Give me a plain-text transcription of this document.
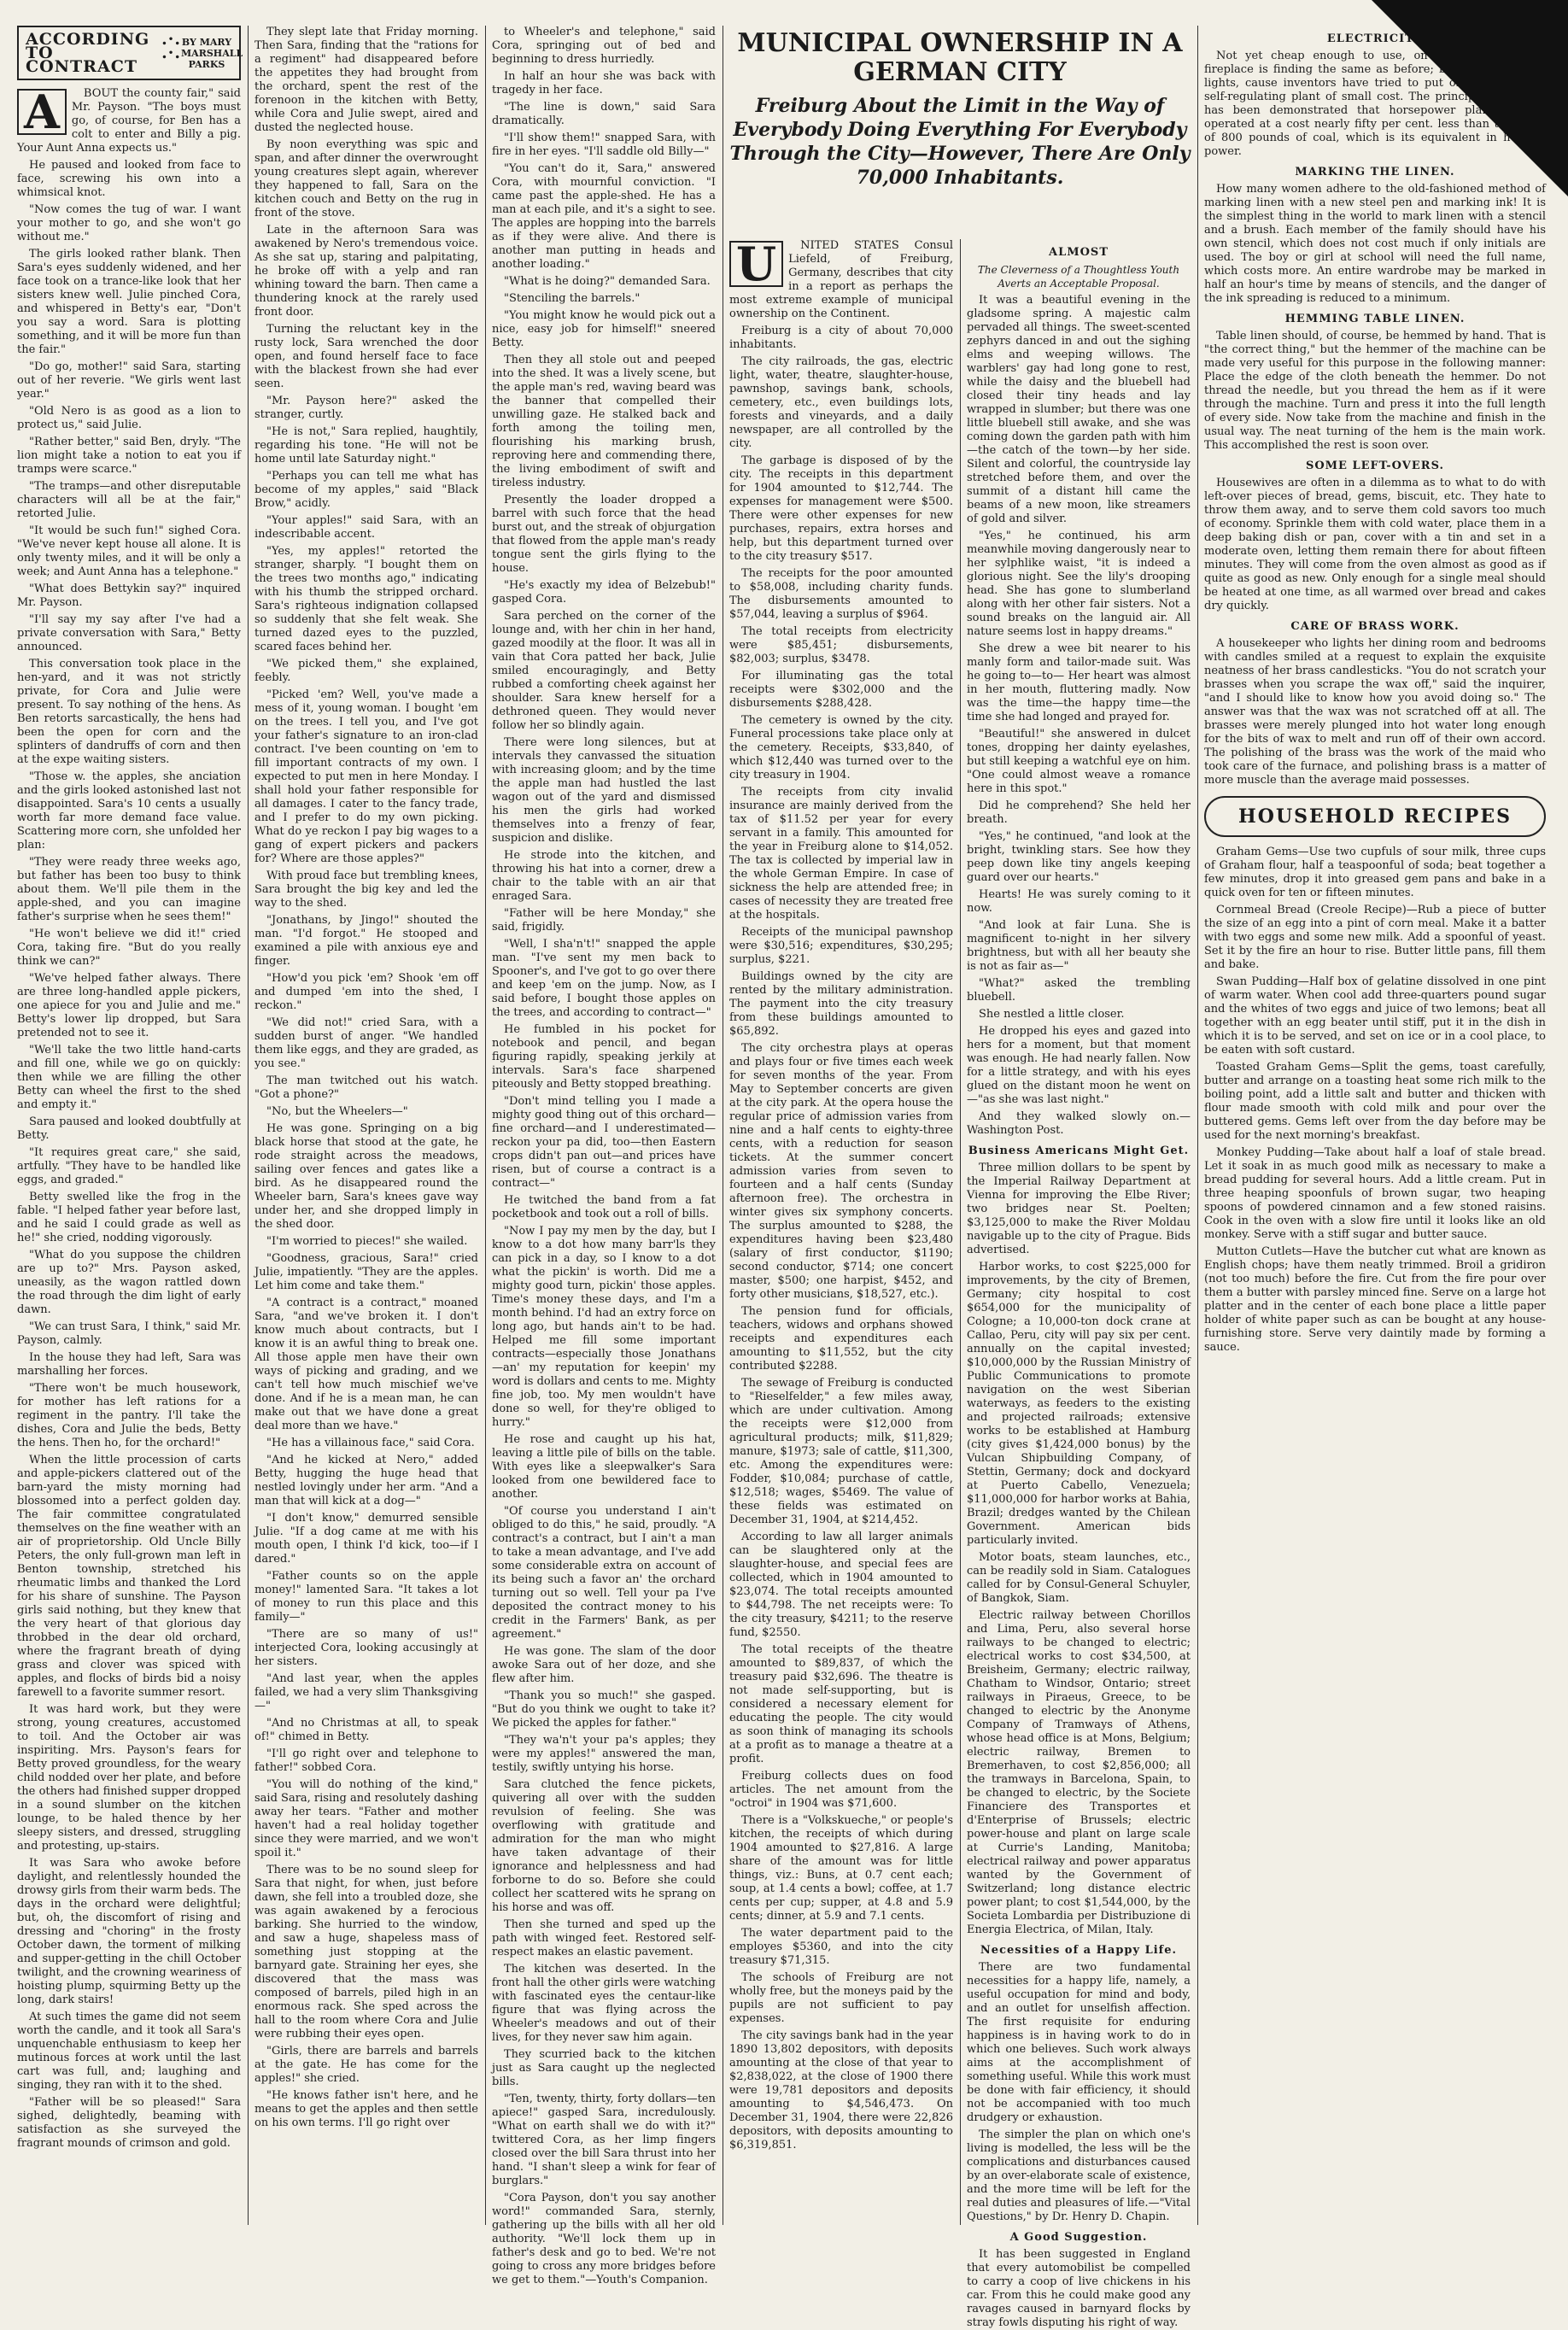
ACCORDING .·. TO .·. CONTRACT
BY MARY MARSHALL PARKS
A	BOUT the county fair," said Mr. Payson. "The boys must go, of course, for Ben has a colt to enter and Billy a pig. Your Aunt Anna expects us."

He paused and looked from face to face, screwing his own into a whimsical knot.

"Now comes the tug of war. I want your mother to go, and she won't go without me."

The girls looked rather blank. Then Sara's eyes suddenly widened, and her face took on a trance-like look that her sisters knew well. Julie pinched Cora, and whispered in Betty's ear, "Don't you say a word. Sara is plotting something, and it will be more fun than the fair."

"Do go, mother!" said Sara, starting out of her reverie. "We girls went last year."

"Old Nero is as good as a lion to protect us," said Julie.

"Rather better," said Ben, dryly. "The lion might take a notion to eat you if tramps were scarce."

"The tramps—and other disreputable characters will all be at the fair," retorted Julie.

"It would be such fun!" sighed Cora. "We've never kept house all alone. It is only twenty miles, and it will be only a week; and Aunt Anna has a telephone."

"What does Bettykin say?" inquired Mr. Payson.

"I'll say my say after I've had a private conversation with Sara," Betty announced.

This conversation took place in the hen-yard, and it was not strictly private, for Cora and Julie were present. To say nothing of the hens. As Ben retorts sarcastically, the hens had been the open for corn and the splinters of dandruffs of corn and then at the expe waiting sisters.

"Those w. the apples, she anciation and the girls looked astonished last not disappointed. Sara's 10 cents a usually worth far more demand face value. Scattering more corn, she unfolded her plan:

"They were ready three weeks ago, but father has been too busy to think about them. We'll pile them in the apple-shed, and you can imagine father's surprise when he sees them!"

"He won't believe we did it!" cried Cora, taking fire. "But do you really think we can?"

"We've helped father always. There are three long-handled apple pickers, one apiece for you and Julie and me." Betty's lower lip dropped, but Sara pretended not to see it.

"We'll take the two little hand-carts and fill one, while we go on quickly: then while we are filling the other Betty can wheel the first to the shed and empty it."

Sara paused and looked doubtfully at Betty.

"It requires great care," she said, artfully. "They have to be handled like eggs, and graded."

Betty swelled like the frog in the fable. "I helped father year before last, and he said I could grade as well as he!" she cried, nodding vigorously.

"What do you suppose the children are up to?" Mrs. Payson asked, uneasily, as the wagon rattled down the road through the dim light of early dawn.

"We can trust Sara, I think," said Mr. Payson, calmly.

In the house they had left, Sara was marshalling her forces.

"There won't be much housework, for mother has left rations for a regiment in the pantry. I'll take the dishes, Cora and Julie the beds, Betty the hens. Then ho, for the orchard!"

When the little procession of carts and apple-pickers clattered out of the barn-yard the misty morning had blossomed into a perfect golden day. The fair committee congratulated themselves on the fine weather with an air of proprietorship. Old Uncle Billy Peters, the only full-grown man left in Benton township, stretched his rheumatic limbs and thanked the Lord for his share of sunshine. The Payson girls said nothing, but they knew that the very heart of that glorious day throbbed in the dear old orchard, where the fragrant breath of dying grass and clover was spiced with apples, and flocks of birds bid a noisy farewell to a favorite summer resort.

It was hard work, but they were strong, young creatures, accustomed to toil. And the October air was inspiriting. Mrs. Payson's fears for Betty proved groundless, for the weary child nodded over her plate, and before the others had finished supper dropped in a sound slumber on the kitchen lounge, to be haled thence by her sleepy sisters, and dressed, struggling and protesting, up-stairs.

It was Sara who awoke before daylight, and relentlessly hounded the drowsy girls from their warm beds. The days in the orchard were delightful; but, oh, the discomfort of rising and dressing and "choring" in the frosty October dawn, the torment of milking and supper-getting in the chill October twilight, and the crowning weariness of hoisting plump, squirming Betty up the long, dark stairs!

At such times the game did not seem worth the candle, and it took all Sara's unquenchable enthusiasm to keep her mutinous forces at work until the last cart was full, and; laughing and singing, they ran with it to the shed.

"Father will be so pleased!" Sara sighed, delightedly, beaming with satisfaction as she surveyed the fragrant mounds of crimson and gold.

They slept late that Friday morning. Then Sara, finding that the "rations for a regiment" had disappeared before the appetites they had brought from the orchard, spent the rest of the forenoon in the kitchen with Betty, while Cora and Julie swept, aired and dusted the neglected house.

By noon everything was spic and span, and after dinner the overwrought young creatures slept again, wherever they happened to fall, Sara on the kitchen couch and Betty on the rug in front of the stove.

Late in the afternoon Sara was awakened by Nero's tremendous voice. As she sat up, staring and palpitating, he broke off with a yelp and ran whining toward the barn. Then came a thundering knock at the rarely used front door.

Turning the reluctant key in the rusty lock, Sara wrenched the door open, and found herself face to face with the blackest frown she had ever seen.

"Mr. Payson here?" asked the stranger, curtly.

"He is not," Sara replied, haughtily, regarding his tone. "He will not be home until late Saturday night."

"Perhaps you can tell me what has become of my apples," said "Black Brow," acidly.

"Your apples!" said Sara, with an indescribable accent.

"Yes, my apples!" retorted the stranger, sharply. "I bought them on the trees two months ago," indicating with his thumb the stripped orchard. Sara's righteous indignation collapsed so suddenly that she felt weak. She turned dazed eyes to the puzzled, scared faces behind her.

"We picked them," she explained, feebly.

"Picked 'em? Well, you've made a mess of it, young woman. I bought 'em on the trees. I tell you, and I've got your father's signature to an iron-clad contract. I've been counting on 'em to fill important contracts of my own. I expected to put men in here Monday. I shall hold your father responsible for all damages. I cater to the fancy trade, and I prefer to do my own picking. What do ye reckon I pay big wages to a gang of expert pickers and packers for? Where are those apples?"

With proud face but trembling knees, Sara brought the big key and led the way to the shed.

"Jonathans, by Jingo!" shouted the man. "I'd forgot." He stooped and examined a pile with anxious eye and finger.

"How'd you pick 'em? Shook 'em off and dumped 'em into the shed, I reckon."

"We did not!" cried Sara, with a sudden burst of anger. "We handled them like eggs, and they are graded, as you see."

The man twitched out his watch. "Got a phone?"

"No, but the Wheelers—"

He was gone. Springing on a big black horse that stood at the gate, he rode straight across the meadows, sailing over fences and gates like a bird. As he disappeared round the Wheeler barn, Sara's knees gave way under her, and she dropped limply in the shed door.

"I'm worried to pieces!" she wailed.

"Goodness, gracious, Sara!" cried Julie, impatiently. "They are the apples. Let him come and take them."

"A contract is a contract," moaned Sara, "and we've broken it. I don't know much about contracts, but I know it is an awful thing to break one. All those apple men have their own ways of picking and grading, and we can't tell how much mischief we've done. And if he is a mean man, he can make out that we have done a great deal more than we have."

"He has a villainous face," said Cora.

"And he kicked at Nero," added Betty, hugging the huge head that nestled lovingly under her arm. "And a man that will kick at a dog—"

"I don't know," demurred sensible Julie. "If a dog came at me with his mouth open, I think I'd kick, too—if I dared."

"Father counts so on the apple money!" lamented Sara. "It takes a lot of money to run this place and this family—"

"There are so many of us!" interjected Cora, looking accusingly at her sisters.

"And last year, when the apples failed, we had a very slim Thanksgiving—"

"And no Christmas at all, to speak of!" chimed in Betty.

"I'll go right over and telephone to father!" sobbed Cora.

"You will do nothing of the kind," said Sara, rising and resolutely dashing away her tears. "Father and mother haven't had a real holiday together since they were married, and we won't spoil it."

There was to be no sound sleep for Sara that night, for when, just before dawn, she fell into a troubled doze, she was again awakened by a ferocious barking. She hurried to the window, and saw a huge, shapeless mass of something just stopping at the barnyard gate. Straining her eyes, she discovered that the mass was composed of barrels, piled high in an enormous rack. She sped across the hall to the room where Cora and Julie were rubbing their eyes open.

"Girls, there are barrels and barrels at the gate. He has come for the apples!" she cried.

"He knows father isn't here, and he means to get the apples and then settle on his own terms. I'll go right over

to Wheeler's and telephone," said Cora, springing out of bed and beginning to dress hurriedly.

In half an hour she was back with tragedy in her face.

"The line is down," said Sara dramatically.

"I'll show them!" snapped Sara, with fire in her eyes. "I'll saddle old Billy—"

"You can't do it, Sara," answered Cora, with mournful conviction. "I came past the apple-shed. He has a man at each pile, and it's a sight to see. The apples are hopping into the barrels as if they were alive. And there is another man putting in heads and another loading."

"What is he doing?" demanded Sara.

"Stenciling the barrels."

"You might know he would pick out a nice, easy job for himself!" sneered Betty.

Then they all stole out and peeped into the shed. It was a lively scene, but the apple man's red, waving beard was the banner that compelled their unwilling gaze. He stalked back and forth among the toiling men, flourishing his marking brush, reproving here and commending there, the living embodiment of swift and tireless industry.

Presently the loader dropped a barrel with such force that the head burst out, and the streak of objurgation that flowed from the apple man's ready tongue sent the girls flying to the house.

"He's exactly my idea of Belzebub!" gasped Cora.

Sara perched on the corner of the lounge and, with her chin in her hand, gazed moodily at the floor. It was all in vain that Cora patted her back, Julie smiled encouragingly, and Betty rubbed a comforting cheek against her shoulder. Sara knew herself for a dethroned queen. They would never follow her so blindly again.

There were long silences, but at intervals they canvassed the situation with increasing gloom; and by the time the apple man had hustled the last wagon out of the yard and dismissed his men the girls had worked themselves into a frenzy of fear, suspicion and dislike.

He strode into the kitchen, and throwing his hat into a corner, drew a chair to the table with an air that enraged Sara.

"Father will be here Monday," she said, frigidly.

"Well, I sha'n't!" snapped the apple man. "I've sent my men back to Spooner's, and I've got to go over there and keep 'em on the jump. Now, as I said before, I bought those apples on the trees, and according to contract—"

He fumbled in his pocket for notebook and pencil, and began figuring rapidly, speaking jerkily at intervals. Sara's face sharpened piteously and Betty stopped breathing.

"Don't mind telling you I made a mighty good thing out of this orchard—fine orchard—and I underestimated—reckon your pa did, too—then Eastern crops didn't pan out—and prices have risen, but of course a contract is a contract—"

He twitched the band from a fat pocketbook and took out a roll of bills.

"Now I pay my men by the day, but I know to a dot how many barr'ls they can pick in a day, so I know to a dot what the pickin' is worth. Did me a mighty good turn, pickin' those apples. Time's money these days, and I'm a month behind. I'd had an extry force on long ago, but hands ain't to be had. Helped me fill some important contracts—especially those Jonathans—an' my reputation for keepin' my word is dollars and cents to me. Mighty fine job, too. My men wouldn't have done so well, for they're obliged to hurry."

He rose and caught up his hat, leaving a little pile of bills on the table. With eyes like a sleepwalker's Sara looked from one bewildered face to another.

"Of course you understand I ain't obliged to do this," he said, proudly. "A contract's a contract, but I ain't a man to take a mean advantage, and I've add some considerable extra on account of its being such a favor an' the orchard turning out so well. Tell your pa I've deposited the contract money to his credit in the Farmers' Bank, as per agreement."

He was gone. The slam of the door awoke Sara out of her doze, and she flew after him.

"Thank you so much!" she gasped. "But do you think we ought to take it? We picked the apples for father."

"They wa'n't your pa's apples; they were my apples!" answered the man, testily, swiftly untying his horse.

Sara clutched the fence pickets, quivering all over with the sudden revulsion of feeling. She was overflowing with gratitude and admiration for the man who might have taken advantage of their ignorance and helplessness and had forborne to do so. Before she could collect her scattered wits he sprang on his horse and was off.

Then she turned and sped up the path with winged feet. Restored self-respect makes an elastic pavement.

The kitchen was deserted. In the front hall the other girls were watching with fascinated eyes the centaur-like figure that was flying across the Wheeler's meadows and out of their lives, for they never saw him again.

They scurried back to the kitchen just as Sara caught up the neglected bills.

"Ten, twenty, thirty, forty dollars—ten apiece!" gasped Sara, incredulously. "What on earth shall we do with it?" twittered Cora, as her limp fingers closed over the bill Sara thrust into her hand. "I shan't sleep a wink for fear of burglars."

"Cora Payson, don't you say another word!" commanded Sara, sternly, gathering up the bills with all her old authority. "We'll lock them up in father's desk and go to bed. We're not going to cross any more bridges before we get to them."—Youth's Companion.

MUNICIPAL OWNERSHIP IN A GERMAN CITY
Freiburg About the Limit in the Way of Everybody Doing Everything For Everybody Through the City—However, There Are Only 70,000 Inhabitants.
U	NITED STATES Consul Liefeld, of Freiburg, Germany, describes that city in a report as perhaps the most extreme example of municipal ownership on the Continent.

Freiburg is a city of about 70,000 inhabitants.

The city railroads, the gas, electric light, water, theatre, slaughter-house, pawnshop, savings bank, schools, cemetery, etc., even buildings lots, forests and vineyards, and a daily newspaper, are all controlled by the city.

The garbage is disposed of by the city. The receipts in this department for 1904 amounted to $12,744. The expenses for management were $500. There were other expenses for new purchases, repairs, extra horses and help, but this department turned over to the city treasury $517.

The receipts for the poor amounted to $58,008, including charity funds. The disbursements amounted to $57,044, leaving a surplus of $964.

The total receipts from electricity were $85,451; disbursements, $82,003; surplus, $3478.

For illuminating gas the total receipts were $302,000 and the disbursements $288,428.

The cemetery is owned by the city. Funeral processions take place only at the cemetery. Receipts, $33,840, of which $12,440 was turned over to the city treasury in 1904.

The receipts from city invalid insurance are mainly derived from the tax of $11.52 per year for every servant in a family. This amounted for the year in Freiburg alone to $14,052. The tax is collected by imperial law in the whole German Empire. In case of sickness the help are attended free; in cases of necessity they are treated free at the hospitals.

Receipts of the municipal pawnshop were $30,516; expenditures, $30,295; surplus, $221.

Buildings owned by the city are rented by the military administration. The payment into the city treasury from these buildings amounted to $65,892.

The city orchestra plays at operas and plays four or five times each week for seven months of the year. From May to September concerts are given at the city park. At the opera house the regular price of admission varies from nine and a half cents to eighty-three cents, with a reduction for season tickets. At the summer concert admission varies from seven to fourteen and a half cents (Sunday afternoon free). The orchestra in winter gives six symphony concerts. The surplus amounted to $288, the expenditures having been $23,480 (salary of first conductor, $1190; second conductor, $714; one concert master, $500; one harpist, $452, and forty other musicians, $18,527, etc.).

The pension fund for officials, teachers, widows and orphans showed receipts and expenditures each amounting to $11,552, but the city contributed $2288.

The sewage of Freiburg is conducted to "Rieselfelder," a few miles away, which are under cultivation. Among the receipts were $12,000 from agricultural products; milk, $11,829; manure, $1973; sale of cattle, $11,300, etc. Among the expenditures were: Fodder, $10,084; purchase of cattle, $12,518; wages, $5469. The value of these fields was estimated on December 31, 1904, at $214,452.

According to law all larger animals can be slaughtered only at the slaughter-house, and special fees are collected, which in 1904 amounted to $23,074. The total receipts amounted to $44,798. The net receipts were: To the city treasury, $4211; to the reserve fund, $2550.

The total receipts of the theatre amounted to $89,837, of which the treasury paid $32,696. The theatre is not made self-supporting, but is considered a necessary element for educating the people. The city would as soon think of managing its schools at a profit as to manage a theatre at a profit.

Freiburg collects dues on food articles. The net amount from the "octroi" in 1904 was $71,600.

There is a "Volkskueche," or people's kitchen, the receipts of which during 1904 amounted to $27,816. A large share of the amount was for little things, viz.: Buns, at 0.7 cent each; soup, at 1.4 cents a bowl; coffee, at 1.7 cents per cup; supper, at 4.8 and 5.9 cents; dinner, at 5.9 and 7.1 cents.

The water department paid to the employes $5360, and into the city treasury $71,315.

The schools of Freiburg are not wholly free, but the moneys paid by the pupils are not sufficient to pay expenses.

The city savings bank had in the year 1890 13,802 depositors, with deposits amounting at the close of that year to $2,838,022, at the close of 1900 there were 19,781 depositors and deposits amounting to $4,546,473. On December 31, 1904, there were 22,826 depositors, with deposits amounting to $6,319,851.

ALMOST
The Cleverness of a Thoughtless Youth Averts an Acceptable Proposal.

It was a beautiful evening in the gladsome spring. A majestic calm pervaded all things. The sweet-scented zephyrs danced in and out the sighing elms and weeping willows. The warblers' gay had long gone to rest, while the daisy and the bluebell had closed their tiny heads and lay wrapped in slumber; but there was one little bluebell still awake, and she was coming down the garden path with him—the catch of the town—by her side. Silent and colorful, the countryside lay stretched before them, and over the summit of a distant hill came the beams of a new moon, like streamers of gold and silver.

"Yes," he continued, his arm meanwhile moving dangerously near to her sylphlike waist, "it is indeed a glorious night. See the lily's drooping head. She has gone to slumberland along with her other fair sisters. Not a sound breaks on the languid air. All nature seems lost in happy dreams."

She drew a wee bit nearer to his manly form and tailor-made suit. Was he going to—to— Her heart was almost in her mouth, fluttering madly. Now was the time—the happy time—the time she had longed and prayed for.

"Beautiful!" she answered in dulcet tones, dropping her dainty eyelashes, but still keeping a watchful eye on him. "One could almost weave a romance here in this spot."

Did he comprehend? She held her breath.

"Yes," he continued, "and look at the bright, twinkling stars. See how they peep down like tiny angels keeping guard over our hearts."

Hearts! He was surely coming to it now.

"And look at fair Luna. She is magnificent to-night in her silvery brightness, but with all her beauty she is not as fair as—"

"What?" asked the trembling bluebell.

She nestled a little closer.

He dropped his eyes and gazed into hers for a moment, but that moment was enough. He had nearly fallen. Now for a little strategy, and with his eyes glued on the distant moon he went on—"as she was last night."

And they walked slowly on.—Washington Post.

Business Americans Might Get.

Three million dollars to be spent by the Imperial Railway Department at Vienna for improving the Elbe River; two bridges near St. Poelten; $3,125,000 to make the River Moldau navigable up to the city of Prague. Bids advertised.

Harbor works, to cost $225,000 for improvements, by the city of Bremen, Germany; city hospital to cost $654,000 for the municipality of Cologne; a 10,000-ton dock crane at Callao, Peru, city will pay six per cent. annually on the capital invested; $10,000,000 by the Russian Ministry of Public Communications to promote navigation on the west Siberian waterways, as feeders to the existing and projected railroads; extensive works to be established at Hamburg (city gives $1,424,000 bonus) by the Vulcan Shipbuilding Company, of Stettin, Germany; dock and dockyard at Puerto Cabello, Venezuela; $11,000,000 for harbor works at Bahia, Brazil; dredges wanted by the Chilean Government. American bids particularly invited.

Motor boats, steam launches, etc., can be readily sold in Siam. Catalogues called for by Consul-General Schuyler, of Bangkok, Siam.

Electric railway between Chorillos and Lima, Peru, also several horse railways to be changed to electric; electrical works to cost $34,500, at Breisheim, Germany; electric railway, Chatham to Windsor, Ontario; street railways in Piraeus, Greece, to be changed to electric by the Anonyme Company of Tramways of Athens, whose head office is at Mons, Belgium; electric railway, Bremen to Bremerhaven, to cost $2,856,000; all the tramways in Barcelona, Spain, to be changed to electric, by the Societe Financiere des Transportes et d'Enterprise of Brussels; electric power-house and plant on large scale at Currie's Landing, Manitoba; electrical railway and power apparatus wanted by the Government of Switzerland; long distance electric power plant; to cost $1,544,000, by the Societa Lombardia per Distribuzione di Energia Electrica, of Milan, Italy.

Necessities of a Happy Life.

There are two fundamental necessities for a happy life, namely, a useful occupation for mind and body, and an outlet for unselfish affection. The first requisite for enduring happiness is in having work to do in which one believes. Such work always aims at the accomplishment of something useful. While this work must be done with fair efficiency, it should not be accompanied with too much drudgery or exhaustion.

The simpler the plan on which one's living is modelled, the less will be the complications and disturbances caused by an over-elaborate scale of existence, and the more time will be left for the real duties and pleasures of life.—"Vital Questions," by Dr. Henry D. Chapin.

A Good Suggestion.

It has been suggested in England that every automobilist be compelled to carry a coop of live chickens in his car. From this he could make good any ravages caused in barnyard flocks by stray fowls disputing his right of way.

ELECTRICITY

Not yet cheap enough to use, on the cold fact, the fireplace is finding the same as before; but where electric lights, cause inventors have tried to put on the market a self-regulating plant of small cost. The principle is well. It has been demonstrated that horsepower plant can be operated at a cost nearly fifty per cent. less than the price of 800 pounds of coal, which is its equivalent in heating power.

MARKING THE LINEN.

How many women adhere to the old-fashioned method of marking linen with a new steel pen and marking ink! It is the simplest thing in the world to mark linen with a stencil and a brush. Each member of the family should have his own stencil, which does not cost much if only initials are used. The boy or girl at school will need the full name, which costs more. An entire wardrobe may be marked in half an hour's time by means of stencils, and the danger of the ink spreading is reduced to a minimum.

HEMMING TABLE LINEN.

Table linen should, of course, be hemmed by hand. That is "the correct thing," but the hemmer of the machine can be made very useful for this purpose in the following manner: Place the edge of the cloth beneath the hemmer. Do not thread the needle, but you thread the hem as if it were through the machine. Turn and press it into the full length of every side. Now take from the machine and finish in the usual way. The neat turning of the hem is the main work. This accomplished the rest is soon over.

SOME LEFT-OVERS.

Housewives are often in a dilemma as to what to do with left-over pieces of bread, gems, biscuit, etc. They hate to throw them away, and to serve them cold savors too much of economy. Sprinkle them with cold water, place them in a deep baking dish or pan, cover with a tin and set in a moderate oven, letting them remain there for about fifteen minutes. They will come from the oven almost as good as if quite as good as new. Only enough for a single meal should be heated at one time, as all warmed over bread and cakes dry quickly.

CARE OF BRASS WORK.

A housekeeper who lights her dining room and bedrooms with candles smiled at a request to explain the exquisite neatness of her brass candlesticks. "You do not scratch your brasses when you scrape the wax off," said the inquirer, "and I should like to know how you avoid doing so." The answer was that the wax was not scratched off at all. The brasses were merely plunged into hot water long enough for the bits of wax to melt and run off of their own accord. The polishing of the brass was the work of the maid who took care of the furnace, and polishing brass is a matter of more muscle than the average maid possesses.

HOUSEHOLD RECIPES

Graham Gems—Use two cupfuls of sour milk, three cups of Graham flour, half a teaspoonful of soda; beat together a few minutes, drop it into greased gem pans and bake in a quick oven for ten or fifteen minutes.

Cornmeal Bread (Creole Recipe)—Rub a piece of butter the size of an egg into a pint of corn meal. Make it a batter with two eggs and some new milk. Add a spoonful of yeast. Set it by the fire an hour to rise. Butter little pans, fill them and bake.

Swan Pudding—Half box of gelatine dissolved in one pint of warm water. When cool add three-quarters pound sugar and the whites of two eggs and juice of two lemons; beat all together with an egg beater until stiff, put it in the dish in which it is to be served, and set on ice or in a cool place, to be eaten with soft custard.

Toasted Graham Gems—Split the gems, toast carefully, butter and arrange on a toasting heat some rich milk to the boiling point, add a little salt and butter and thicken with flour made smooth with cold milk and pour over the buttered gems. Gems left over from the day before may be used for the next morning's breakfast.

Monkey Pudding—Take about half a loaf of stale bread. Let it soak in as much good milk as necessary to make a bread pudding for several hours. Add a little cream. Put in three heaping spoonfuls of brown sugar, two heaping spoons of powdered cinnamon and a few stoned raisins. Cook in the oven with a slow fire until it looks like an old monkey. Serve with a stiff sugar and butter sauce.

Mutton Cutlets—Have the butcher cut what are known as English chops; have them neatly trimmed. Broil a gridiron (not too much) before the fire. Cut from the fire pour over them a butter with parsley minced fine. Serve on a large hot platter and in the center of each bone place a little paper holder of white paper such as can be bought at any house-furnishing store. Serve very daintily made by forming a sauce.
